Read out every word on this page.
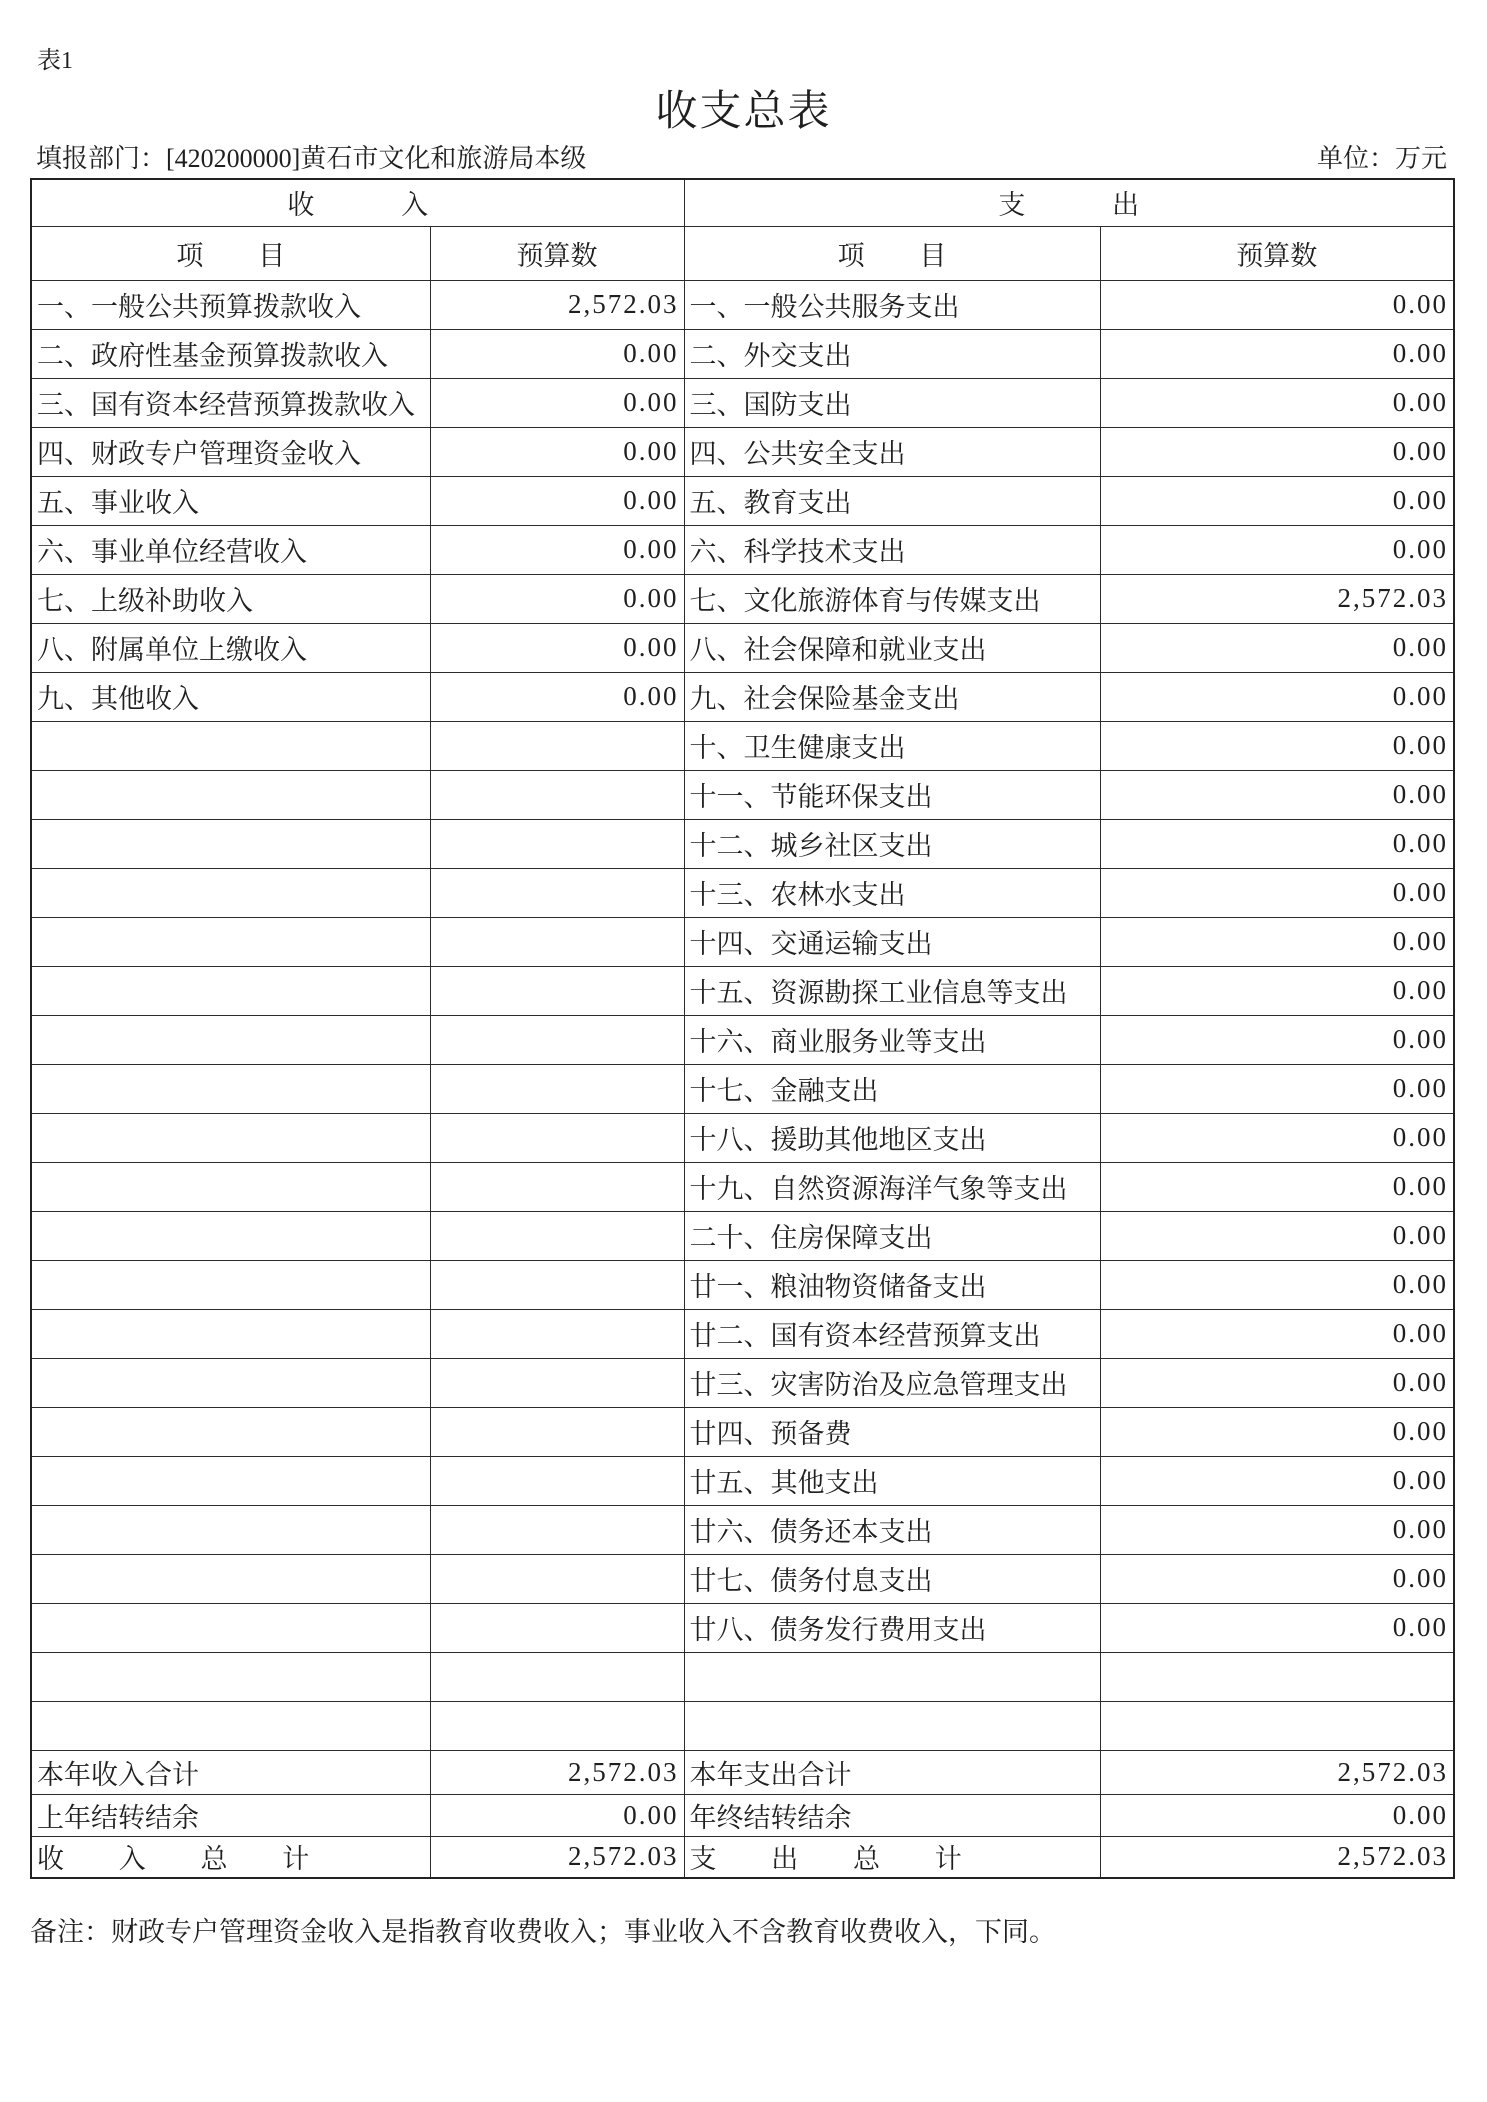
表1
收支总表
填报部门：[420200000]黄石市文化和旅游局本级	单位：万元
收 入		支 出	
项 目	预算数	项 目	预算数
一、一般公共预算拨款收入	2,572.03	一、一般公共服务支出	0.00
二、政府性基金预算拨款收入	0.00	二、外交支出	0.00
三、国有资本经营预算拨款收入	0.00	三、国防支出	0.00
四、财政专户管理资金收入	0.00	四、公共安全支出	0.00
五、事业收入	0.00	五、教育支出	0.00
六、事业单位经营收入	0.00	六、科学技术支出	0.00
七、上级补助收入	0.00	七、文化旅游体育与传媒支出	2,572.03
八、附属单位上缴收入	0.00	八、社会保障和就业支出	0.00
九、其他收入	0.00	九、社会保险基金支出	0.00
		十、卫生健康支出	0.00
		十一、节能环保支出	0.00
		十二、城乡社区支出	0.00
		十三、农林水支出	0.00
		十四、交通运输支出	0.00
		十五、资源勘探工业信息等支出	0.00
		十六、商业服务业等支出	0.00
		十七、金融支出	0.00
		十八、援助其他地区支出	0.00
		十九、自然资源海洋气象等支出	0.00
		二十、住房保障支出	0.00
		廿一、粮油物资储备支出	0.00
		廿二、国有资本经营预算支出	0.00
		廿三、灾害防治及应急管理支出	0.00
		廿四、预备费	0.00
		廿五、其他支出	0.00
		廿六、债务还本支出	0.00
		廿七、债务付息支出	0.00
		廿八、债务发行费用支出	0.00

本年收入合计	2,572.03	本年支出合计	2,572.03
上年结转结余	0.00	年终结转结余	0.00
收 入 总 计	2,572.03	支 出 总 计	2,572.03
备注：财政专户管理资金收入是指教育收费收入；事业收入不含教育收费收入，下同。
